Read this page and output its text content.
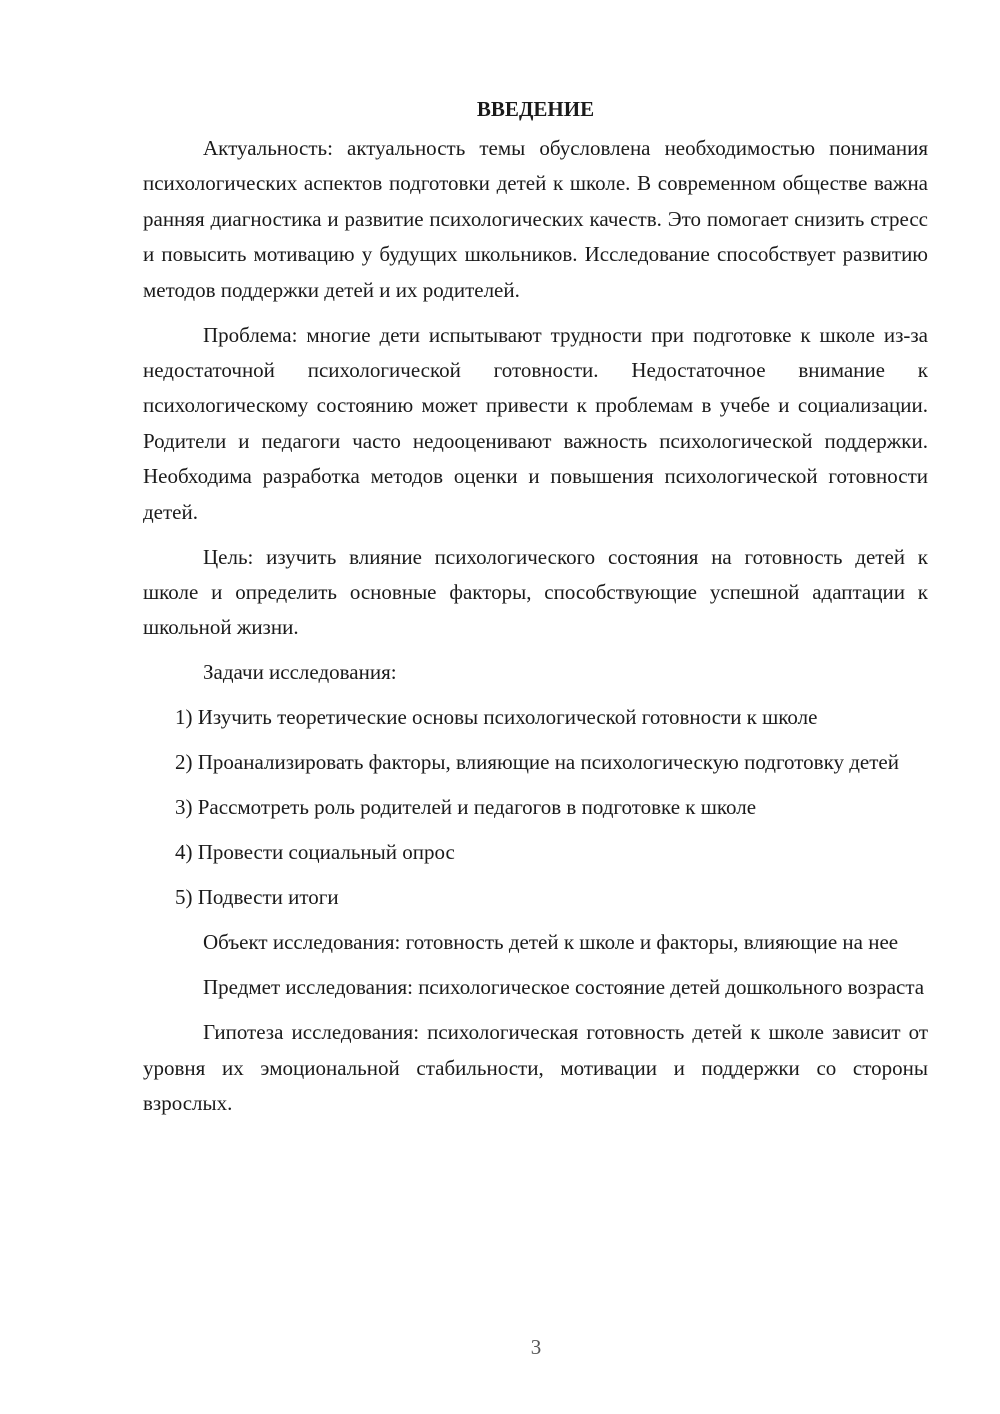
ВВЕДЕНИЕ

Актуальность: актуальность темы обусловлена необходимостью понимания психологических аспектов подготовки детей к школе. В современном обществе важна ранняя диагностика и развитие психологических качеств. Это помогает снизить стресс и повысить мотивацию у будущих школьников. Исследование способствует развитию методов поддержки детей и их родителей.

Проблема: многие дети испытывают трудности при подготовке к школе из-за недостаточной психологической готовности. Недостаточное внимание к психологическому состоянию может привести к проблемам в учебе и социализации. Родители и педагоги часто недооценивают важность психологической поддержки. Необходима разработка методов оценки и повышения психологической готовности детей.

Цель: изучить влияние психологического состояния на готовность детей к школе и определить основные факторы, способствующие успешной адаптации к школьной жизни.

Задачи исследования:

1) Изучить теоретические основы психологической готовности к школе

2) Проанализировать факторы, влияющие на психологическую подготовку детей

3) Рассмотреть роль родителей и педагогов в подготовке к школе

4) Провести социальный опрос

5) Подвести итоги

Объект исследования: готовность детей к школе и факторы, влияющие на нее

Предмет исследования: психологическое состояние детей дошкольного возраста

Гипотеза исследования: психологическая готовность детей к школе зависит от уровня их эмоциональной стабильности, мотивации и поддержки со стороны взрослых.

3
